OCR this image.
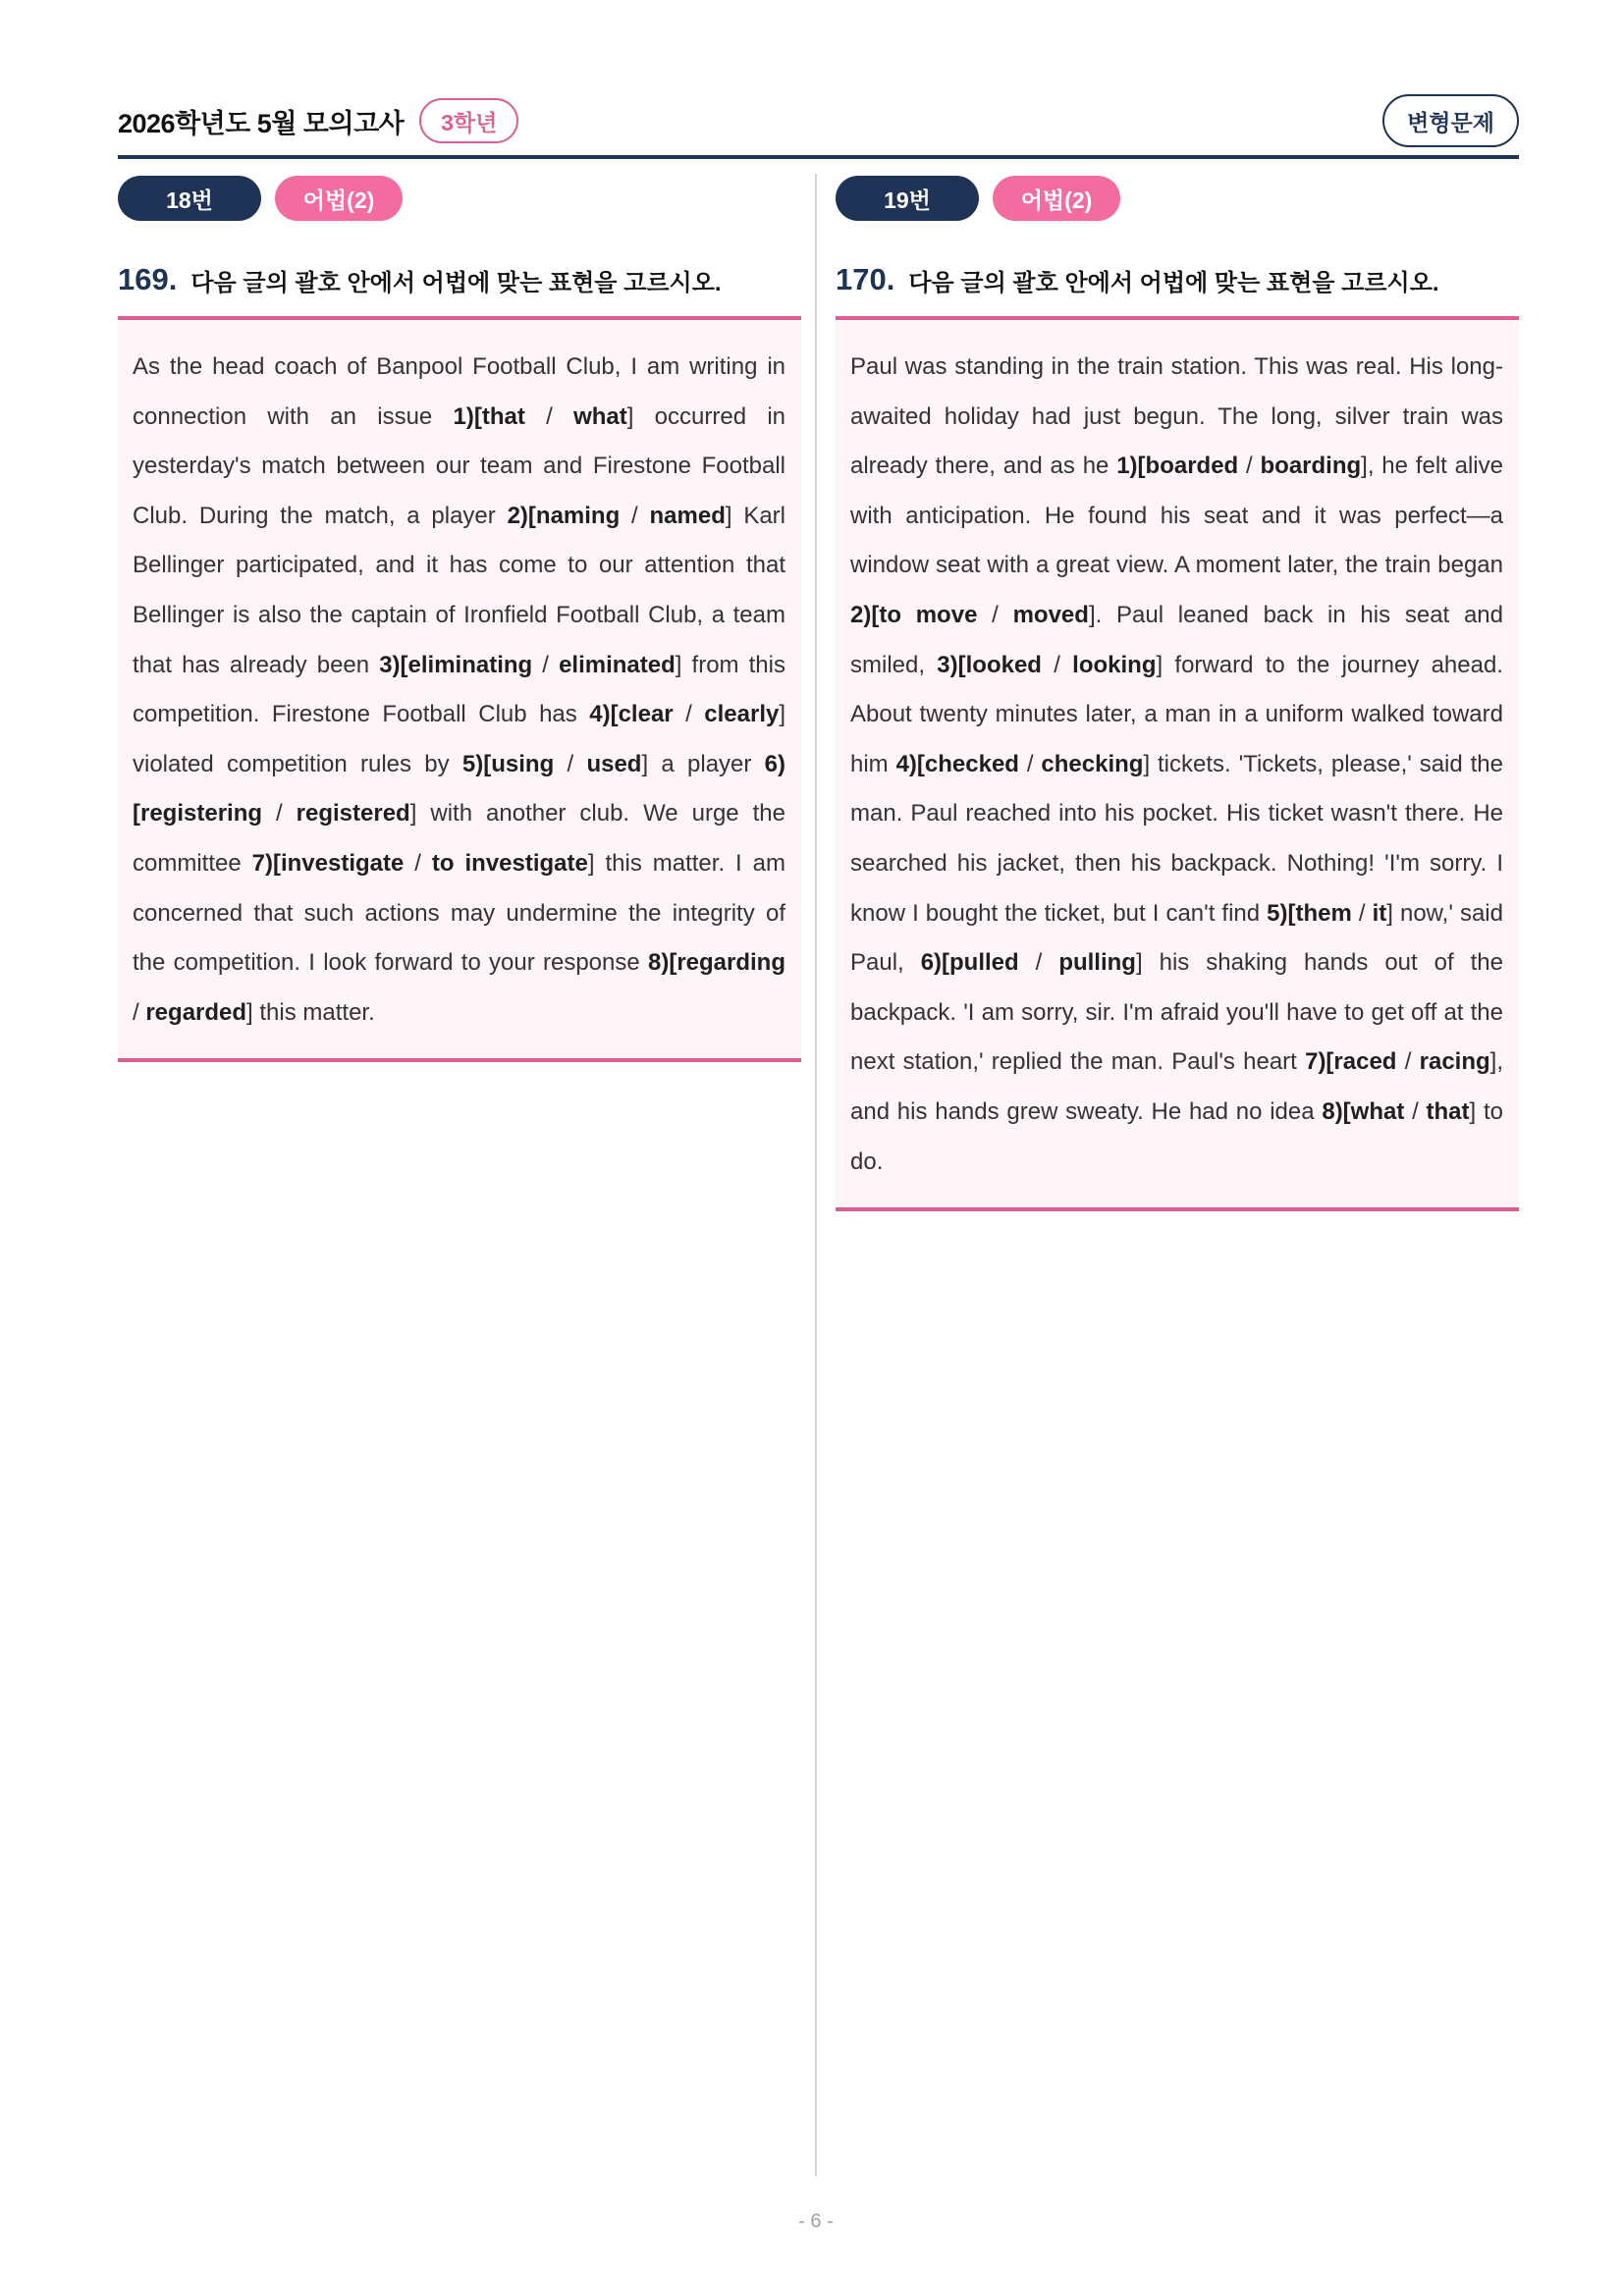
2026학년도 5월 모의고사	3학년	변형문제
18번	어법(2)
169. 다음 글의 괄호 안에서 어법에 맞는 표현을 고르시오.

As the head coach of Banpool Football Club, I am writing in connection with an issue 1)[that / what] occurred in yesterday's match between our team and Firestone Football Club. During the match, a player 2)[naming / named] Karl Bellinger participated, and it has come to our attention that Bellinger is also the captain of Ironfield Football Club, a team that has already been 3)[eliminating / eliminated] from this competition. Firestone Football Club has 4)[clear / clearly] violated competition rules by 5)[using / used] a player 6)[registering / registered] with another club. We urge the committee 7)[investigate / to investigate] this matter. I am concerned that such actions may undermine the integrity of the competition. I look forward to your response 8)[regarding / regarded] this matter.

19번	어법(2)
170. 다음 글의 괄호 안에서 어법에 맞는 표현을 고르시오.

Paul was standing in the train station. This was real. His long-awaited holiday had just begun. The long, silver train was already there, and as he 1)[boarded / boarding], he felt alive with anticipation. He found his seat and it was perfect—a window seat with a great view. A moment later, the train began 2)[to move / moved]. Paul leaned back in his seat and smiled, 3)[looked / looking] forward to the journey ahead. About twenty minutes later, a man in a uniform walked toward him 4)[checked / checking] tickets. 'Tickets, please,' said the man. Paul reached into his pocket. His ticket wasn't there. He searched his jacket, then his backpack. Nothing! 'I'm sorry. I know I bought the ticket, but I can't find 5)[them / it] now,' said Paul, 6)[pulled / pulling] his shaking hands out of the backpack. 'I am sorry, sir. I'm afraid you'll have to get off at the next station,' replied the man. Paul's heart 7)[raced / racing], and his hands grew sweaty. He had no idea 8)[what / that] to do.

- 6 -
